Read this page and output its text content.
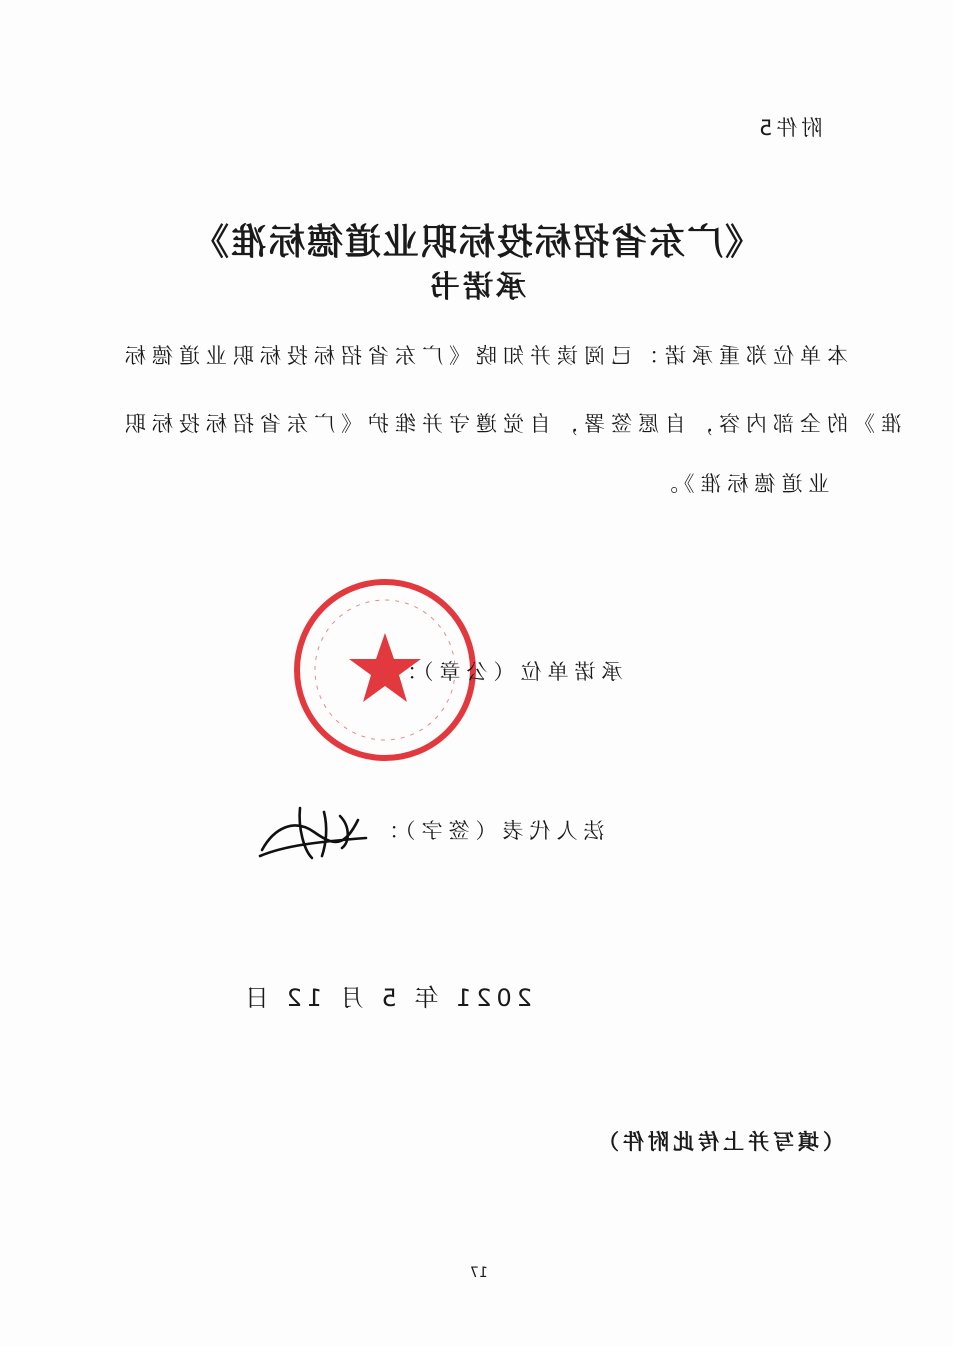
附件5
《广东省招标投标职业道德标准》
承诺书
本单位郑重承诺：已阅读并知晓《广东省招标投标职业道德标
准》的全部内容，自愿签署，自觉遵守并维护《广东省招标投标职
业道德标准》。
承诺单位（公章）：
法人代表（签字）：
2021 年 5 月 12 日
（填写并上传此附件）
17
